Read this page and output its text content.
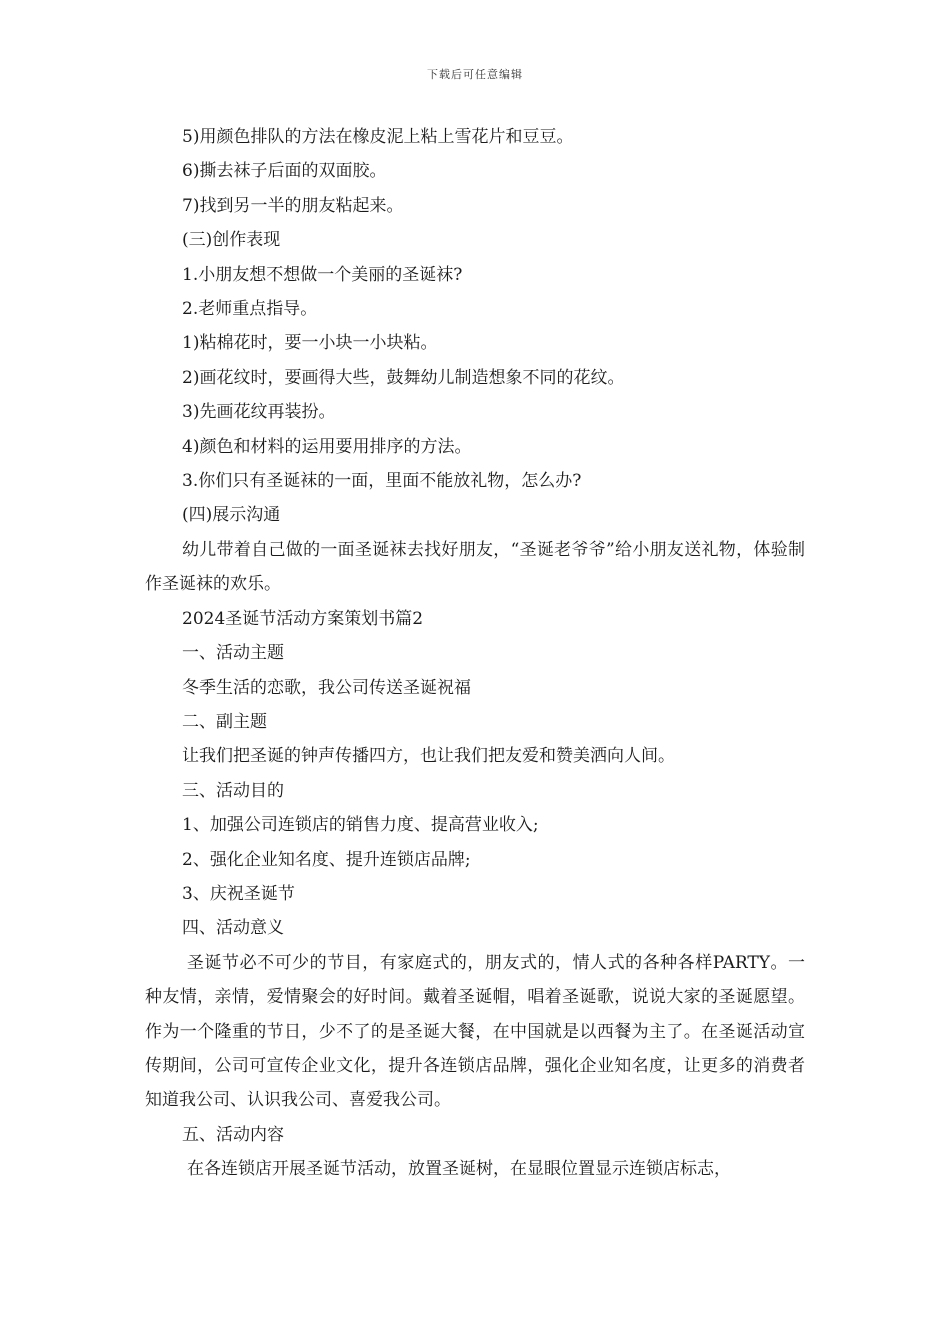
下载后可任意编辑

5)用颜色排队的方法在橡皮泥上粘上雪花片和豆豆。

6)撕去袜子后面的双面胶。

7)找到另一半的朋友粘起来。

(三)创作表现

1.小朋友想不想做一个美丽的圣诞袜?

2.老师重点指导。

1)粘棉花时，要一小块一小块粘。

2)画花纹时，要画得大些，鼓舞幼儿制造想象不同的花纹。

3)先画花纹再装扮。

4)颜色和材料的运用要用排序的方法。

3.你们只有圣诞袜的一面，里面不能放礼物，怎么办?

(四)展示沟通

幼儿带着自己做的一面圣诞袜去找好朋友，“圣诞老爷爷”给小朋友送礼物，体验制作圣诞袜的欢乐。

2024圣诞节活动方案策划书篇2

一、活动主题

冬季生活的恋歌，我公司传送圣诞祝福

二、副主题

让我们把圣诞的钟声传播四方，也让我们把友爱和赞美洒向人间。

三、活动目的

1、加强公司连锁店的销售力度、提高营业收入;

2、强化企业知名度、提升连锁店品牌;

3、庆祝圣诞节

四、活动意义

圣诞节必不可少的节目，有家庭式的，朋友式的，情人式的各种各样PARTY。一种友情，亲情，爱情聚会的好时间。戴着圣诞帽，唱着圣诞歌，说说大家的圣诞愿望。作为一个隆重的节日，少不了的是圣诞大餐，在中国就是以西餐为主了。在圣诞活动宣传期间，公司可宣传企业文化，提升各连锁店品牌，强化企业知名度，让更多的消费者知道我公司、认识我公司、喜爱我公司。

五、活动内容

在各连锁店开展圣诞节活动，放置圣诞树，在显眼位置显示连锁店标志，
